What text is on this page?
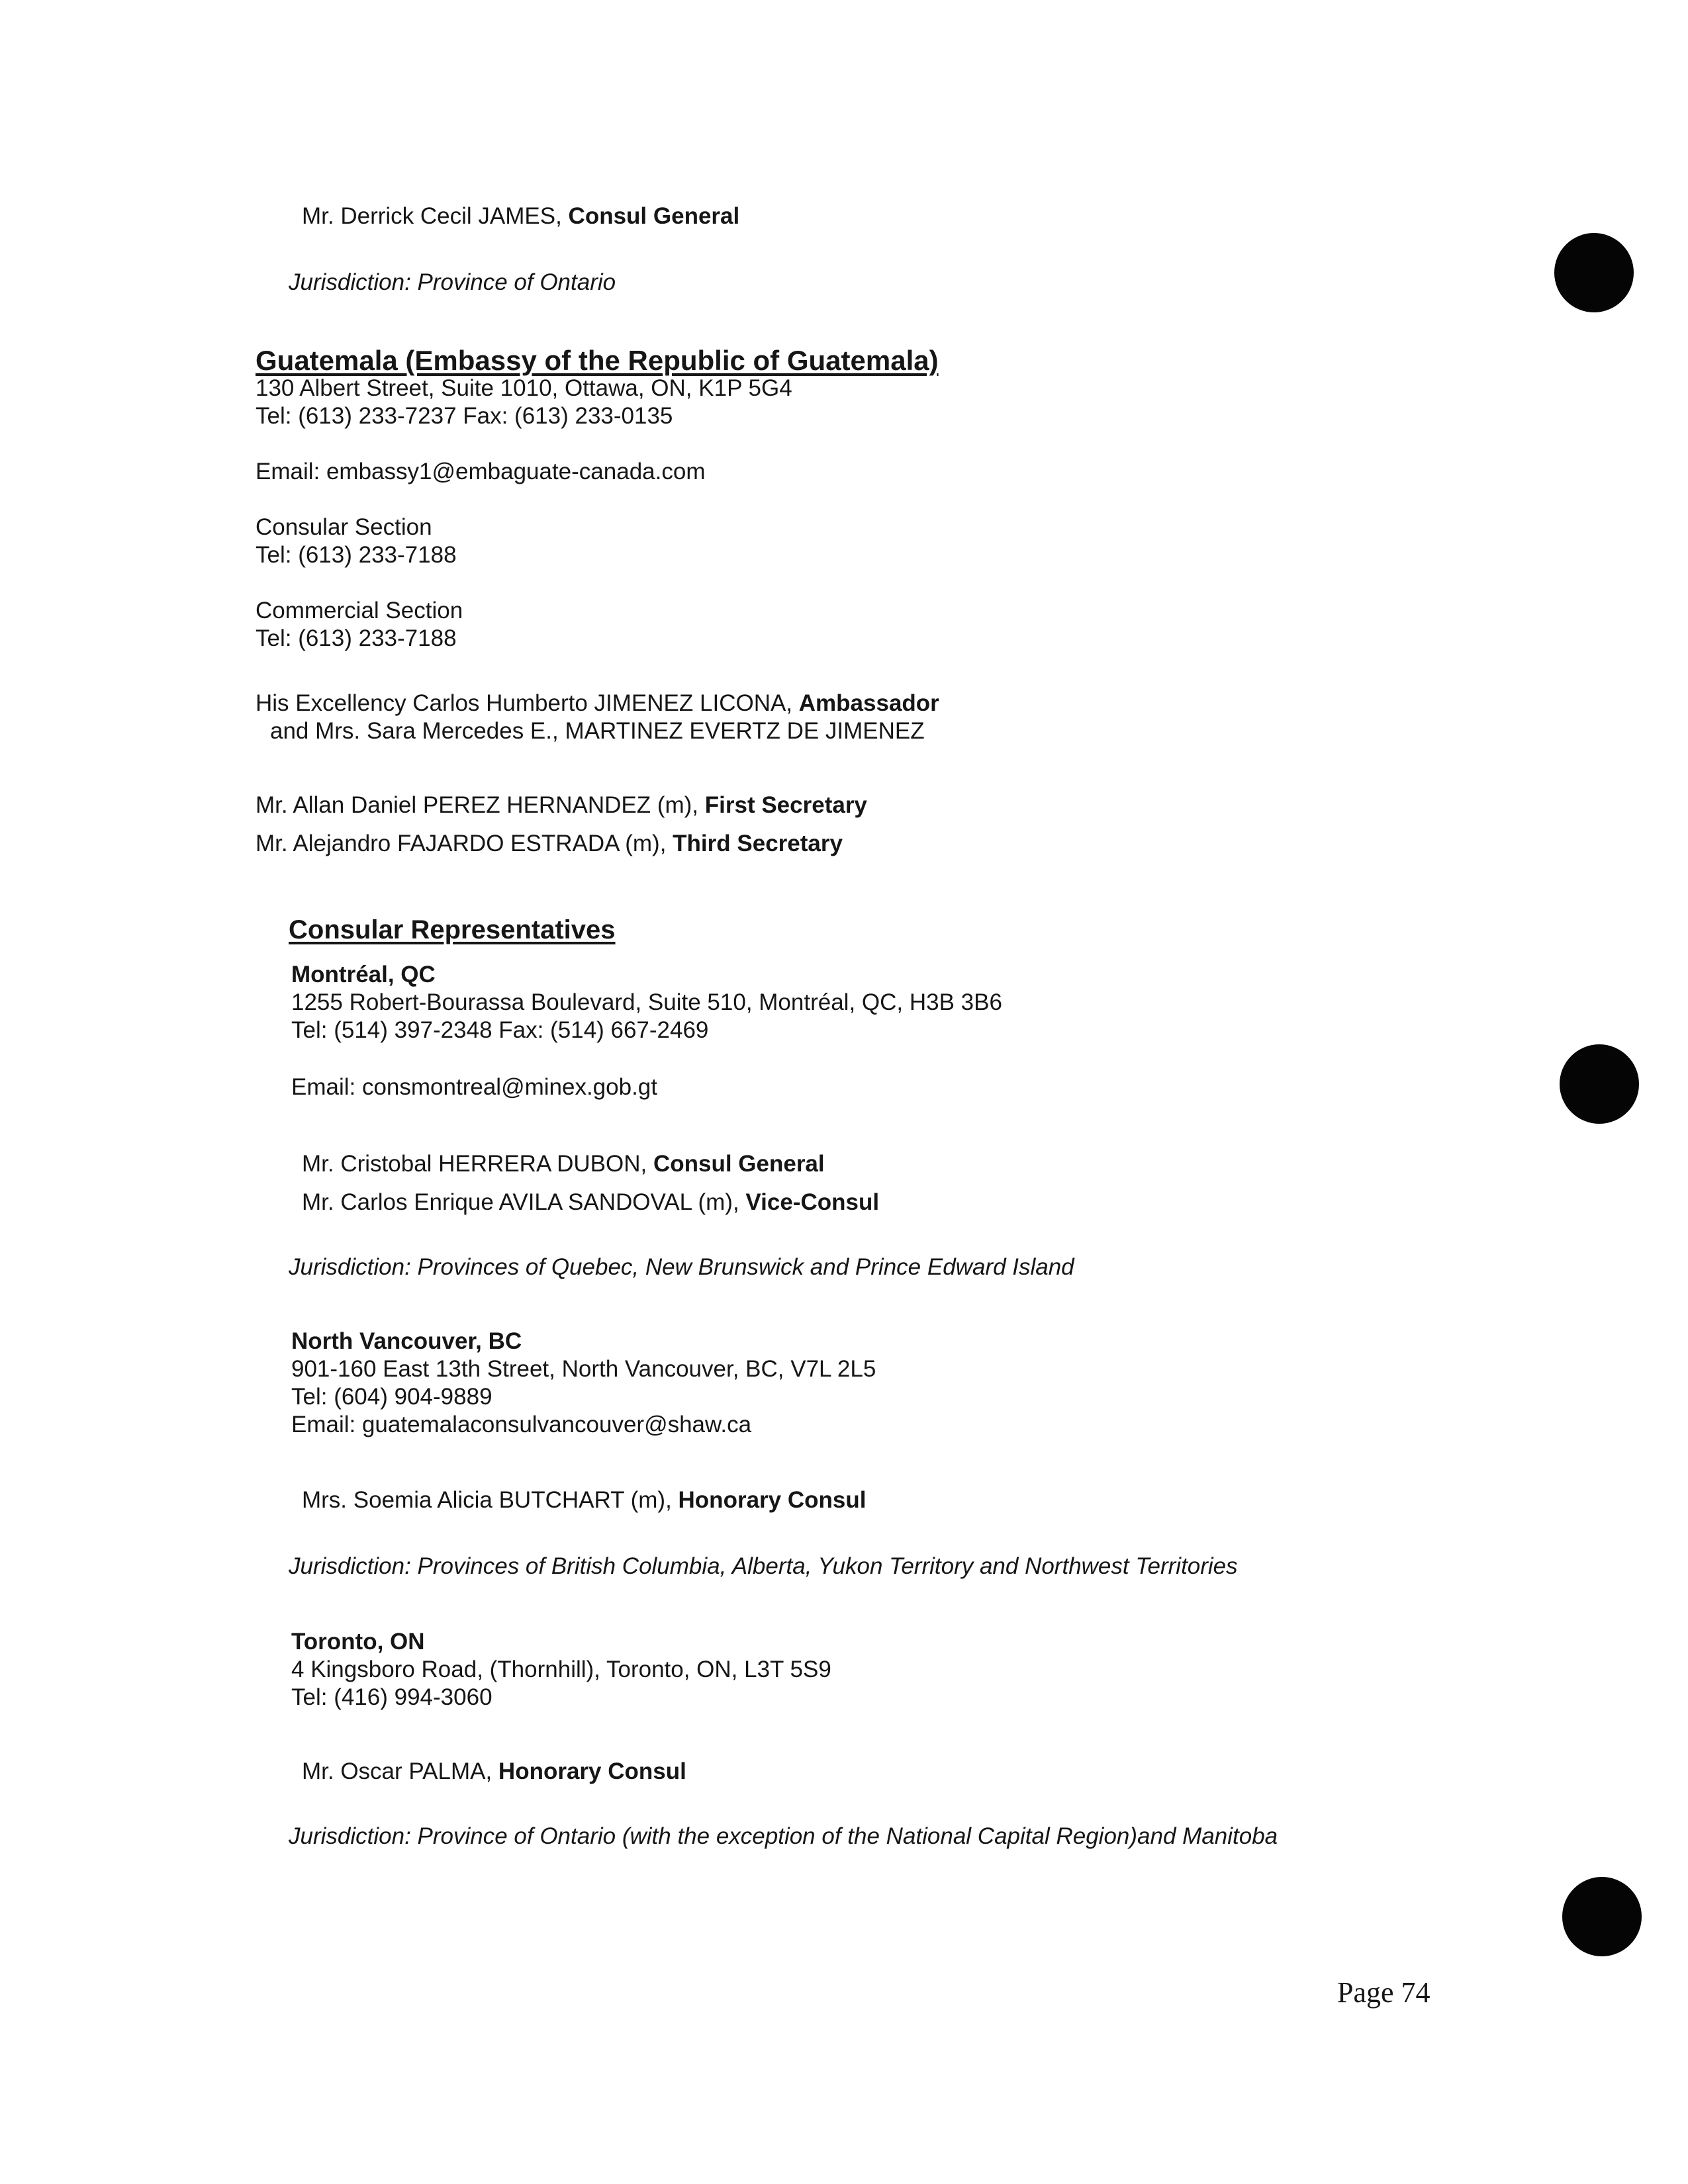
Mr. Derrick Cecil JAMES, Consul General
Jurisdiction: Province of Ontario
Guatemala (Embassy of the Republic of Guatemala)
130 Albert Street, Suite 1010, Ottawa, ON, K1P 5G4
Tel: (613) 233-7237 Fax: (613) 233-0135
Email: embassy1@embaguate-canada.com
Consular Section
Tel: (613) 233-7188
Commercial Section
Tel: (613) 233-7188
His Excellency Carlos Humberto JIMENEZ LICONA, Ambassador
and Mrs. Sara Mercedes E., MARTINEZ EVERTZ DE JIMENEZ
Mr. Allan Daniel PEREZ HERNANDEZ (m), First Secretary
Mr. Alejandro FAJARDO ESTRADA (m), Third Secretary
Consular Representatives
Montréal, QC
1255 Robert-Bourassa Boulevard, Suite 510, Montréal, QC, H3B 3B6
Tel: (514) 397-2348 Fax: (514) 667-2469
Email: consmontreal@minex.gob.gt
Mr. Cristobal HERRERA DUBON, Consul General
Mr. Carlos Enrique AVILA SANDOVAL (m), Vice-Consul
Jurisdiction: Provinces of Quebec, New Brunswick and Prince Edward Island
North Vancouver, BC
901-160 East 13th Street, North Vancouver, BC, V7L 2L5
Tel: (604) 904-9889
Email: guatemalaconsulvancouver@shaw.ca
Mrs. Soemia Alicia BUTCHART (m), Honorary Consul
Jurisdiction: Provinces of British Columbia, Alberta, Yukon Territory and Northwest Territories
Toronto, ON
4 Kingsboro Road, (Thornhill), Toronto, ON, L3T 5S9
Tel: (416) 994-3060
Mr. Oscar PALMA, Honorary Consul
Jurisdiction: Province of Ontario (with the exception of the National Capital Region)and Manitoba
Page 74
